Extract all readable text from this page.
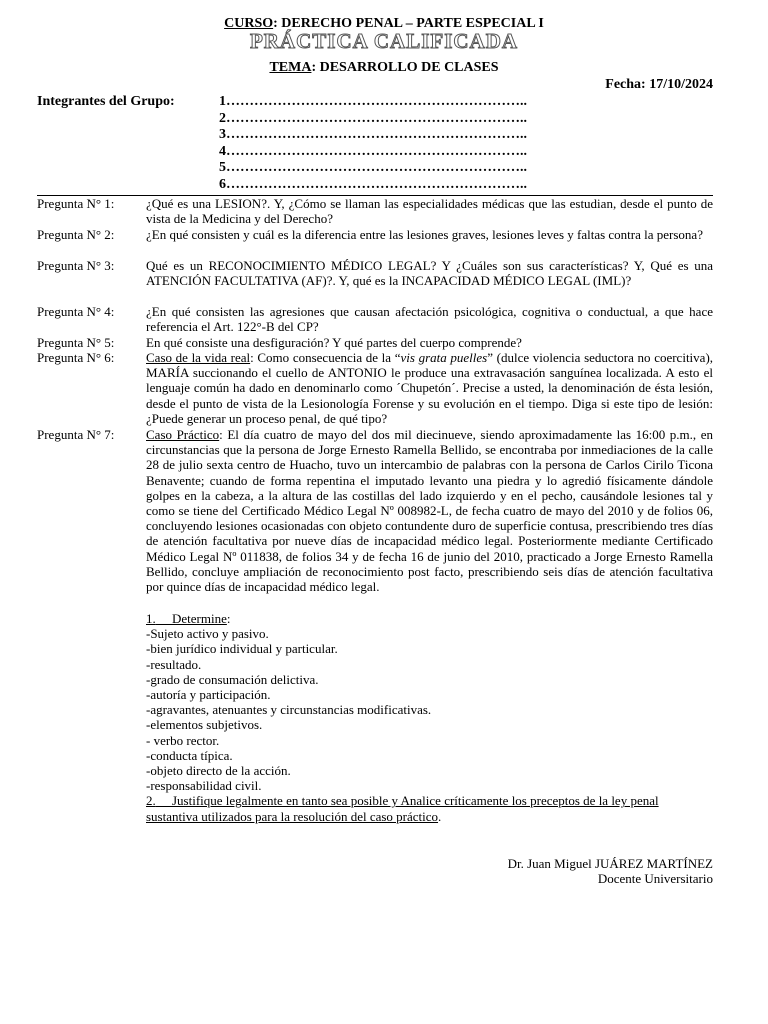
CURSO: DERECHO PENAL – PARTE ESPECIAL I
PRÁCTICA CALIFICADA
TEMA: DESARROLLO DE CLASES
Fecha: 17/10/2024
Integrantes del Grupo:	1………………………………………………………..
2………………………………………………………..
3………………………………………………………..
4………………………………………………………..
5………………………………………………………..
6………………………………………………………..
Pregunta N° 1: ¿Qué es una LESION?. Y, ¿Cómo se llaman las especialidades médicas que las estudian, desde el punto de vista de la Medicina y del Derecho?
Pregunta N° 2: ¿En qué consisten y cuál es la diferencia entre las lesiones graves, lesiones leves y faltas contra la persona?
Pregunta N° 3: Qué es un RECONOCIMIENTO MÉDICO LEGAL? Y ¿Cuáles son sus características? Y, Qué es una ATENCIÓN FACULTATIVA (AF)?. Y, qué es la INCAPACIDAD MÉDICO LEGAL (IML)?
Pregunta N° 4: ¿En qué consisten las agresiones que causan afectación psicológica, cognitiva o conductual, a que hace referencia el Art. 122°-B del CP?
Pregunta N° 5: En qué consiste una desfiguración? Y qué partes del cuerpo comprende?
Pregunta N° 6: Caso de la vida real: Como consecuencia de la “vis grata puelles” (dulce violencia seductora no coercitiva), MARÍA succionando el cuello de ANTONIO le produce una extravasación sanguínea localizada. A esto el lenguaje común ha dado en denominarlo como ´Chupetón´. Precise a usted, la denominación de ésta lesión, desde el punto de vista de la Lesionología Forense y su evolución en el tiempo. Diga si este tipo de lesión: ¿Puede generar un proceso penal, de qué tipo?
Pregunta N° 7: Caso Práctico: El día cuatro de mayo del dos mil diecinueve, siendo aproximadamente las 16:00 p.m., en circunstancias que la persona de Jorge Ernesto Ramella Bellido, se encontraba por inmediaciones de la calle 28 de julio sexta centro de Huacho, tuvo un intercambio de palabras con la persona de Carlos Cirilo Ticona Benavente; cuando de forma repentina el imputado levanto una piedra y lo agredió físicamente dándole golpes en la cabeza, a la altura de las costillas del lado izquierdo y en el pecho, causándole lesiones tal y como se tiene del Certificado Médico Legal Nº 008982-L, de fecha cuatro de mayo del 2010 y de folios 06, concluyendo lesiones ocasionadas con objeto contundente duro de superficie contusa, prescribiendo tres días de atención facultativa por nueve días de incapacidad médico legal. Posteriormente mediante Certificado Médico Legal Nº 011838, de folios 34 y de fecha 16 de junio del 2010, practicado a Jorge Ernesto Ramella Bellido, concluye ampliación de reconocimiento post facto, prescribiendo seis días de atención facultativa por quince días de incapacidad médico legal.
1. Determine:
-Sujeto activo y pasivo.
-bien jurídico individual y particular.
-resultado.
-grado de consumación delictiva.
-autoría y participación.
-agravantes, atenuantes y circunstancias modificativas.
-elementos subjetivos.
- verbo rector.
-conducta típica.
-objeto directo de la acción.
-responsabilidad civil.
2. Justifique legalmente en tanto sea posible y Analice críticamente los preceptos de la ley penal
sustantiva utilizados para la resolución del caso práctico.
Dr. Juan Miguel JUÁREZ MARTÍNEZ
Docente Universitario
